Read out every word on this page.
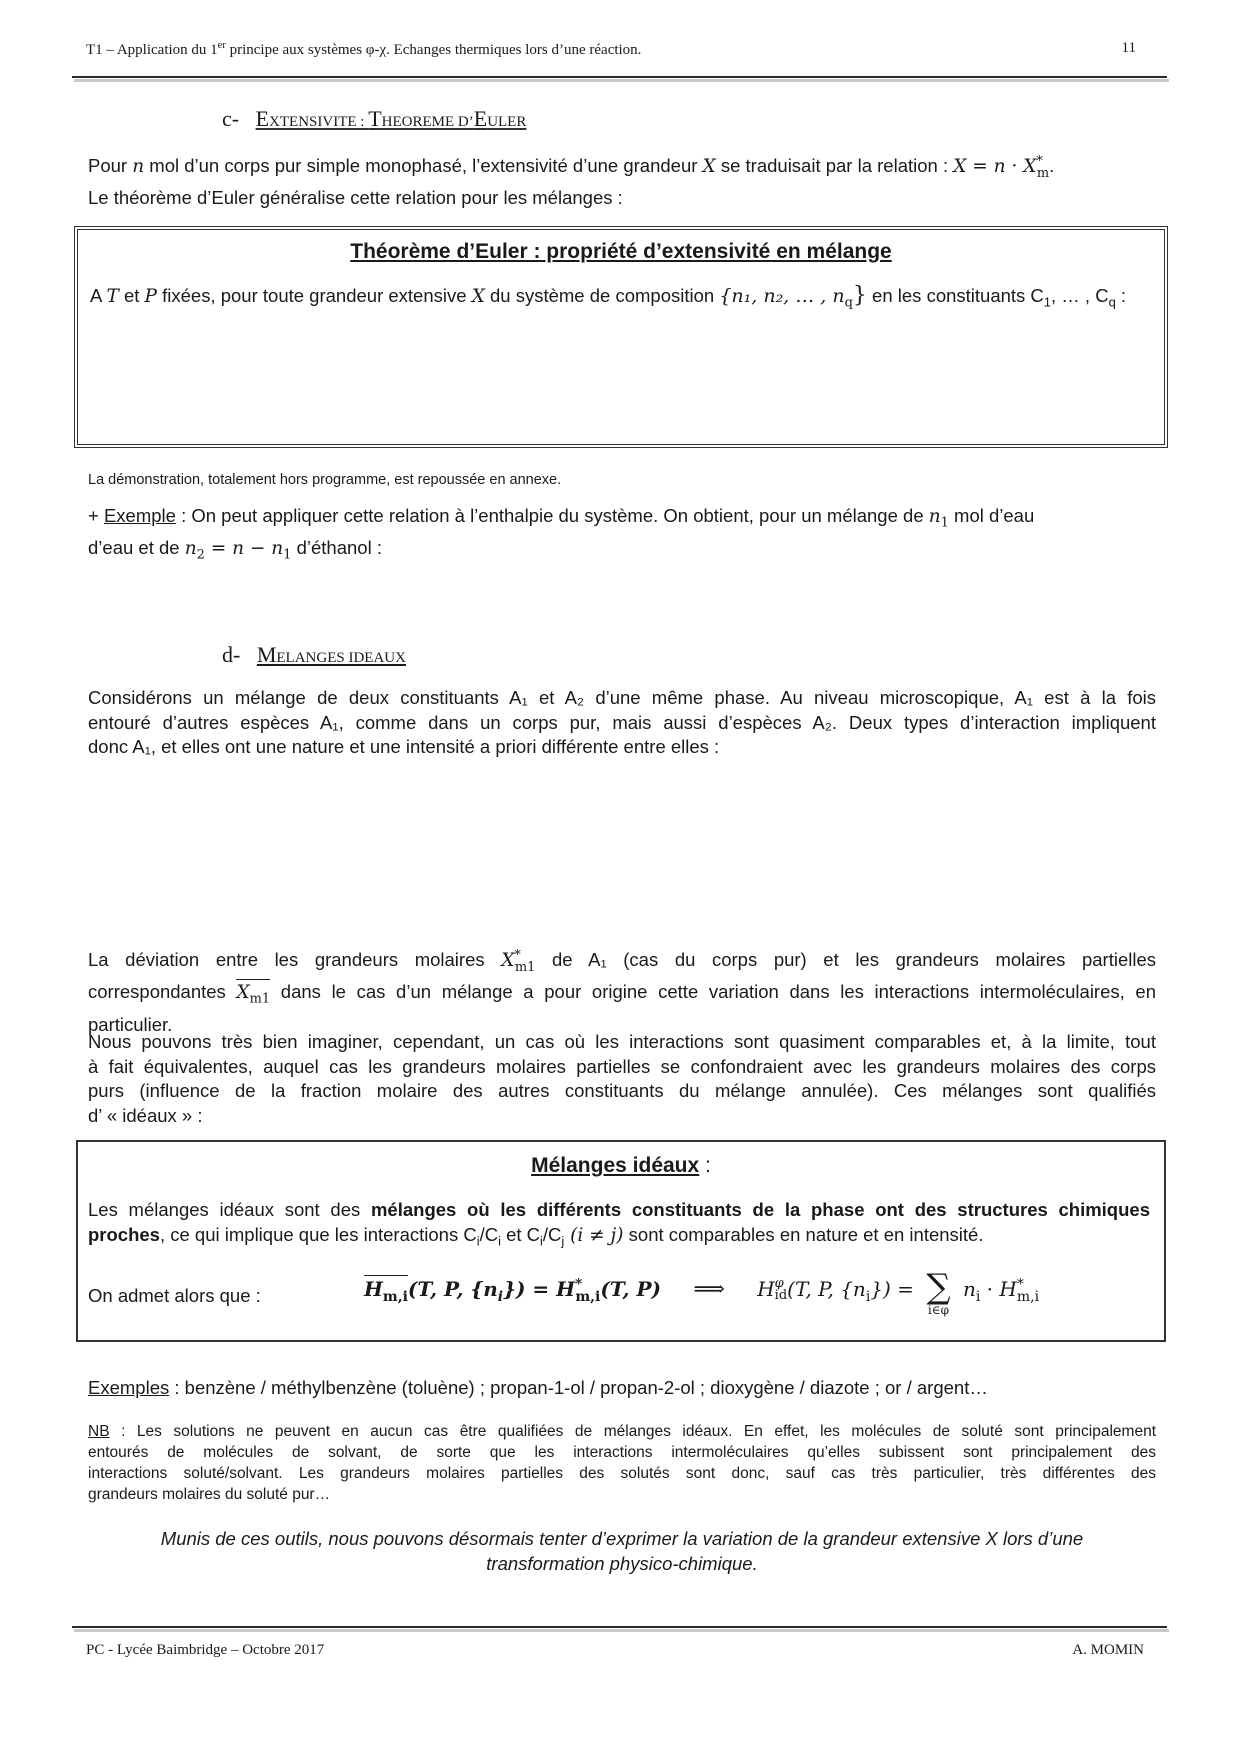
T1 – Application du 1er principe aux systèmes φ-χ. Echanges thermiques lors d’une réaction.	11
c- EXTENSIVITE : THEOREME D’EULER
Pour n mol d’un corps pur simple monophasé, l’extensivité d’une grandeur X se traduisait par la relation : $X = n \cdot X^*_m$.
Le théorème d’Euler généralise cette relation pour les mélanges :
Théorème d’Euler : propriété d’extensivité en mélange
A T et P fixées, pour toute grandeur extensive X du système de composition {n₁, n₂, … , $n_q$} en les constituants $C_1$, … , $C_q$ :
La démonstration, totalement hors programme, est repoussée en annexe.
+ Exemple : On peut appliquer cette relation à l’enthalpie du système. On obtient, pour un mélange de $n_1$ mol d’eau
d’eau et de $n_2 = n - n_1$ d’éthanol :
d- MELANGES IDEAUX
Considérons un mélange de deux constituants A₁ et A₂ d’une même phase. Au niveau microscopique, A₁ est à la fois
entouré d’autres espèces A₁, comme dans un corps pur, mais aussi d’espèces A₂. Deux types d’interaction impliquent
donc A₁, et elles ont une nature et une intensité a priori différente entre elles :
La déviation entre les grandeurs molaires $X^*_{m1}$ de A₁ (cas du corps pur) et les grandeurs molaires partielles
correspondantes $X_{m1}$ dans le cas d’un mélange a pour origine cette variation dans les interactions intermoléculaires, en
particulier.
Nous pouvons très bien imaginer, cependant, un cas où les interactions sont quasiment comparables et, à la limite, tout
à fait équivalentes, auquel cas les grandeurs molaires partielles se confondraient avec les grandeurs molaires des corps
purs (influence de la fraction molaire des autres constituants du mélange annulée). Ces mélanges sont qualifiés
d’ « idéaux » :
Mélanges idéaux :
Les mélanges idéaux sont des mélanges où les différents constituants de la phase ont des structures chimiques
proches, ce qui implique que les interactions $C_i/C_i$ et $C_i/C_j$ (i ≠ j) sont comparables en nature et en intensité.
On admet alors que :	$H_{m,i}(T$, P, $\{n_i\}) = H^*_{m,i}(T$, P) ⟹ H φ
id (T, P, $\{n_i\}$) = ∑
i∈φ
$n_i \cdot H^*_{m,i}$
Exemples : benzène / méthylbenzène (toluène) ; propan-1-ol / propan-2-ol ; dioxygène / diazote ; or / argent…
NB : Les solutions ne peuvent en aucun cas être qualifiées de mélanges idéaux. En effet, les molécules de soluté sont principalement
entourés de molécules de solvant, de sorte que les interactions intermoléculaires qu’elles subissent sont principalement des
interactions soluté/solvant. Les grandeurs molaires partielles des solutés sont donc, sauf cas très particulier, très différentes des
grandeurs molaires du soluté pur…
Munis de ces outils, nous pouvons désormais tenter d’exprimer la variation de la grandeur extensive X lors d’une
transformation physico-chimique.
PC - Lycée Baimbridge – Octobre 2017	A. MOMIN
